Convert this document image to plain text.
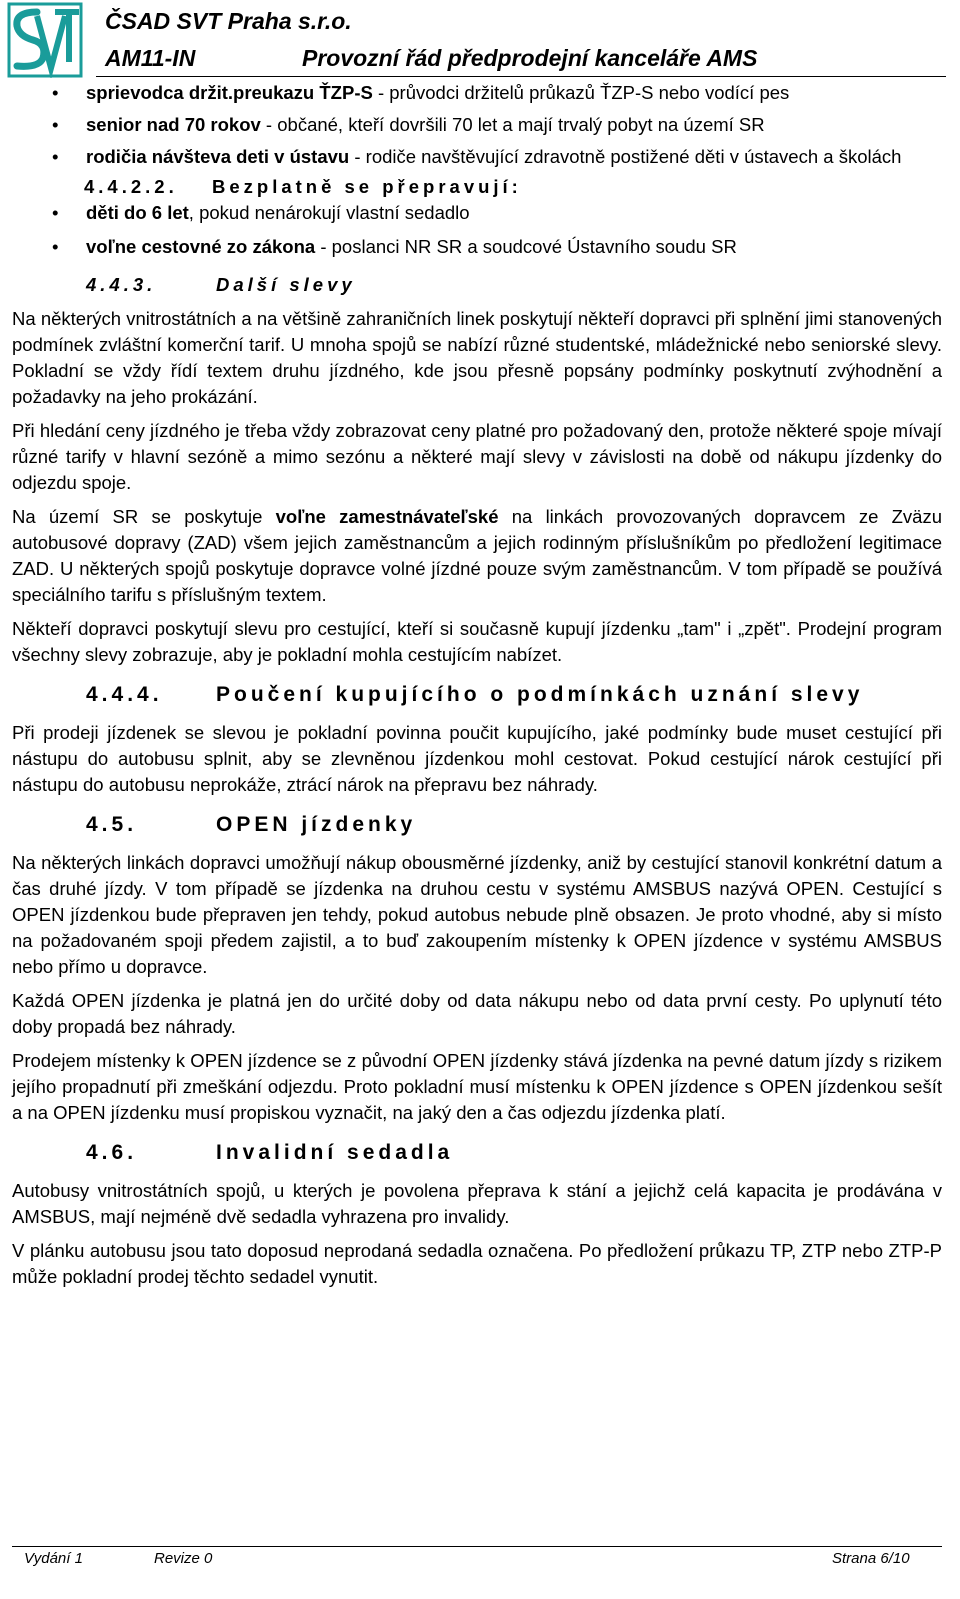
ČSAD SVT Praha s.r.o.
AM11-IN	Provozní řád předprodejní kanceláře AMS
• sprievodca držit.preukazu ŤZP-S - průvodci držitelů průkazů ŤZP-S nebo vodící pes
• senior nad 70 rokov - občané, kteří dovršili 70 let a mají trvalý pobyt na území SR
• rodičia návšteva deti v ústavu - rodiče navštěvující zdravotně postižené děti v ústavech a školách
4.4.2.2. Bezplatně se přepravují:
• děti do 6 let, pokud nenárokují vlastní sedadlo
• voľne cestovné zo zákona - poslanci NR SR a soudcové Ústavního soudu SR
4.4.3.	Další slevy

Na některých vnitrostátních a na většině zahraničních linek poskytují někteří dopravci při splnění jimi stanovených podmínek zvláštní komerční tarif. U mnoha spojů se nabízí různé studentské, mládežnické nebo seniorské slevy. Pokladní se vždy řídí textem druhu jízdného, kde jsou přesně popsány podmínky poskytnutí zvýhodnění a požadavky na jeho prokázání.

Při hledání ceny jízdného je třeba vždy zobrazovat ceny platné pro požadovaný den, protože některé spoje mívají různé tarify v hlavní sezóně a mimo sezónu a některé mají slevy v závislosti na době od nákupu jízdenky do odjezdu spoje.

Na území SR se poskytuje voľne zamestnávateľské na linkách provozovaných dopravcem ze Zväzu autobusové dopravy (ZAD) všem jejich zaměstnancům a jejich rodinným příslušníkům po předložení legitimace ZAD. U některých spojů poskytuje dopravce volné jízdné pouze svým zaměstnancům. V tom případě se používá speciálního tarifu s příslušným textem.

Někteří dopravci poskytují slevu pro cestující, kteří si současně kupují jízdenku „tam" i „zpět". Prodejní program všechny slevy zobrazuje, aby je pokladní mohla cestujícím nabízet.

4.4.4.	Poučení kupujícího o podmínkách uznání slevy

Při prodeji jízdenek se slevou je pokladní povinna poučit kupujícího, jaké podmínky bude muset cestující při nástupu do autobusu splnit, aby se zlevněnou jízdenkou mohl cestovat. Pokud cestující nárok cestující při nástupu do autobusu neprokáže, ztrácí nárok na přepravu bez náhrady.

4.5.	OPEN jízdenky

Na některých linkách dopravci umožňují nákup obousměrné jízdenky, aniž by cestující stanovil konkrétní datum a čas druhé jízdy. V tom případě se jízdenka na druhou cestu v systému AMSBUS nazývá OPEN. Cestující s OPEN jízdenkou bude přepraven jen tehdy, pokud autobus nebude plně obsazen. Je proto vhodné, aby si místo na požadovaném spoji předem zajistil, a to buď zakoupením místenky k OPEN jízdence v systému AMSBUS nebo přímo u dopravce.

Každá OPEN jízdenka je platná jen do určité doby od data nákupu nebo od data první cesty. Po uplynutí této doby propadá bez náhrady.

Prodejem místenky k OPEN jízdence se z původní OPEN jízdenky stává jízdenka na pevné datum jízdy s rizikem jejího propadnutí při zmeškání odjezdu. Proto pokladní musí místenku k OPEN jízdence s OPEN jízdenkou sešít a na OPEN jízdenku musí propiskou vyznačit, na jaký den a čas odjezdu jízdenka platí.

4.6.	Invalidní sedadla

Autobusy vnitrostátních spojů, u kterých je povolena přeprava k stání a jejichž celá kapacita je prodávána v AMSBUS, mají nejméně dvě sedadla vyhrazena pro invalidy.

V plánku autobusu jsou tato doposud neprodaná sedadla označena. Po předložení průkazu TP, ZTP nebo ZTP-P může pokladní prodej těchto sedadel vynutit.

Vydání 1	Revize 0	Strana 6/10
